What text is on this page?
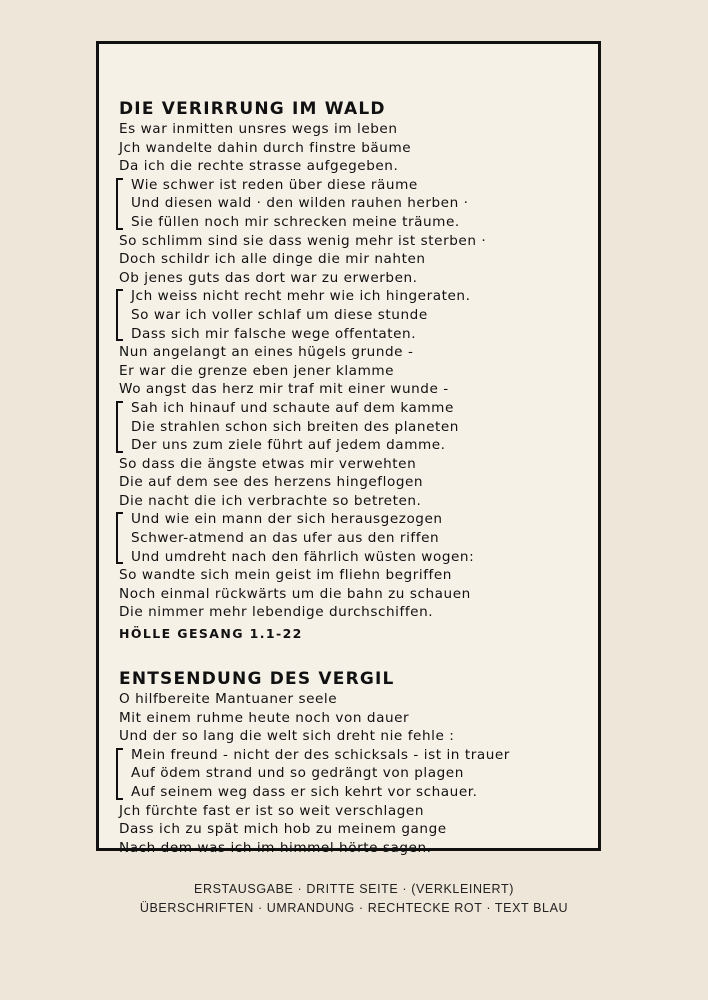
DIE VERIRRUNG IM WALD
Es war inmitten unsres wegs im leben
Jch wandelte dahin durch finstre bäume
Da ich die rechte strasse aufgegeben.
Wie schwer ist reden über diese räume
Und diesen wald · den wilden rauhen herben ·
Sie füllen noch mir schrecken meine träume.
So schlimm sind sie dass wenig mehr ist sterben ·
Doch schildr ich alle dinge die mir nahten
Ob jenes guts das dort war zu erwerben.
Jch weiss nicht recht mehr wie ich hingeraten.
So war ich voller schlaf um diese stunde
Dass sich mir falsche wege offentaten.
Nun angelangt an eines hügels grunde -
Er war die grenze eben jener klamme
Wo angst das herz mir traf mit einer wunde -
Sah ich hinauf und schaute auf dem kamme
Die strahlen schon sich breiten des planeten
Der uns zum ziele führt auf jedem damme.
So dass die ängste etwas mir verwehten
Die auf dem see des herzens hingeflogen
Die nacht die ich verbrachte so betreten.
Und wie ein mann der sich herausgezogen
Schwer-atmend an das ufer aus den riffen
Und umdreht nach den fährlich wüsten wogen:
So wandte sich mein geist im fliehn begriffen
Noch einmal rückwärts um die bahn zu schauen
Die nimmer mehr lebendige durchschiffen.
HÖLLE GESANG 1.1-22
ENTSENDUNG DES VERGIL
O hilfbereite Mantuaner seele
Mit einem ruhme heute noch von dauer
Und der so lang die welt sich dreht nie fehle :
Mein freund - nicht der des schicksals - ist in trauer
Auf ödem strand und so gedrängt von plagen
Auf seinem weg dass er sich kehrt vor schauer.
Jch fürchte fast er ist so weit verschlagen
Dass ich zu spät mich hob zu meinem gange
Nach dem was ich im himmel hörte sagen.
ERSTAUSGABE · DRITTE SEITE · (VERKLEINERT)
ÜBERSCHRIFTEN · UMRANDUNG · RECHTECKE ROT · TEXT BLAU
